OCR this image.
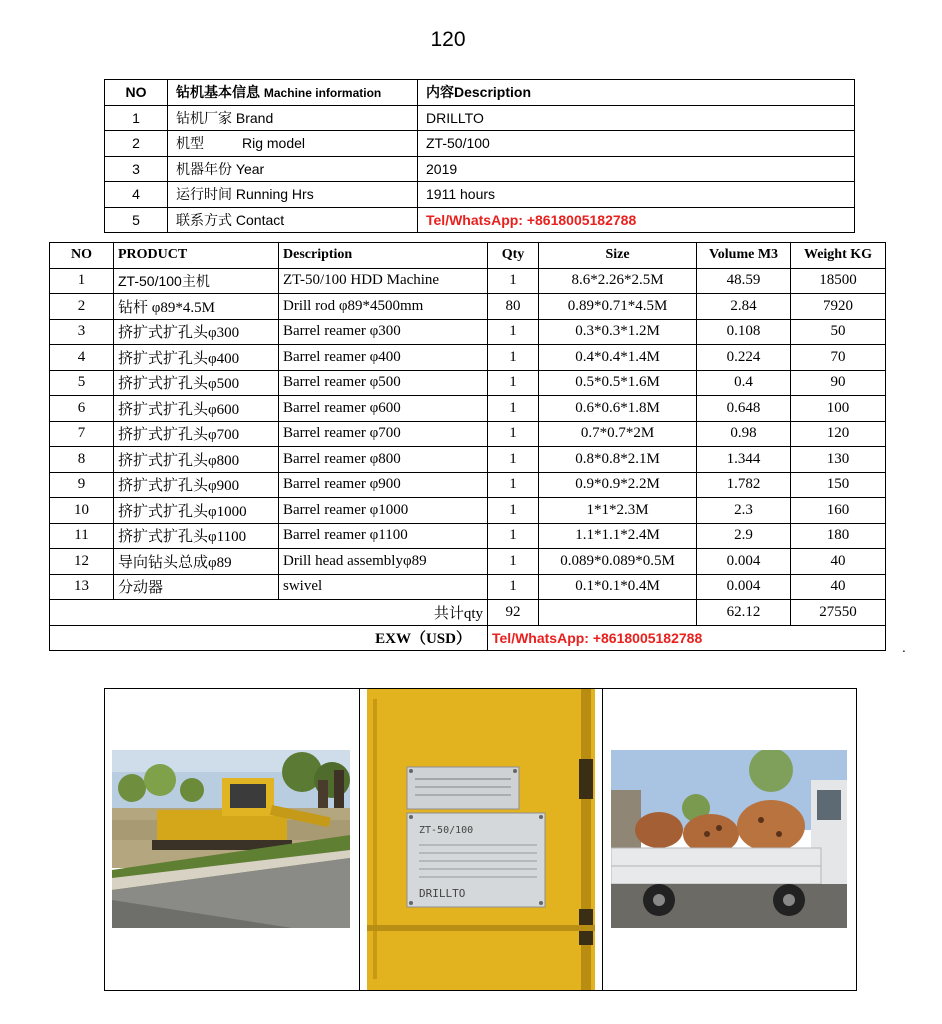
120
NO	钻机基本信息 Machine information	内容Description
1	钻机厂家 Brand	DRILLTO
2	机型 Rig model	ZT-50/100
3	机器年份 Year	2019
4	运行时间 Running Hrs	1911 hours
5	联系方式 Contact	Tel/WhatsApp: +8618005182788
NO	PRODUCT	Description	Qty	Size	Volume M3	Weight KG
1	ZT-50/100主机	ZT-50/100 HDD Machine	1	8.6*2.26*2.5M	48.59	18500
2	钻杆 φ89*4.5M	Drill rod φ89*4500mm	80	0.89*0.71*4.5M	2.84	7920
3	挤扩式扩孔头φ300	Barrel reamer φ300	1	0.3*0.3*1.2M	0.108	50
4	挤扩式扩孔头φ400	Barrel reamer φ400	1	0.4*0.4*1.4M	0.224	70
5	挤扩式扩孔头φ500	Barrel reamer φ500	1	0.5*0.5*1.6M	0.4	90
6	挤扩式扩孔头φ600	Barrel reamer φ600	1	0.6*0.6*1.8M	0.648	100
7	挤扩式扩孔头φ700	Barrel reamer φ700	1	0.7*0.7*2M	0.98	120
8	挤扩式扩孔头φ800	Barrel reamer φ800	1	0.8*0.8*2.1M	1.344	130
9	挤扩式扩孔头φ900	Barrel reamer φ900	1	0.9*0.9*2.2M	1.782	150
10	挤扩式扩孔头φ1000	Barrel reamer φ1000	1	1*1*2.3M	2.3	160
11	挤扩式扩孔头φ1100	Barrel reamer φ1100	1	1.1*1.1*2.4M	2.9	180
12	导向钻头总成φ89	Drill head assemblyφ89	1	0.089*0.089*0.5M	0.004	40
13	分动器	swivel	1	0.1*0.1*0.4M	0.004	40
共计qty			92		62.12	27550
EXW（USD）			Tel/WhatsApp: +8618005182788			
.

ZT-50/100
DRILLTO
